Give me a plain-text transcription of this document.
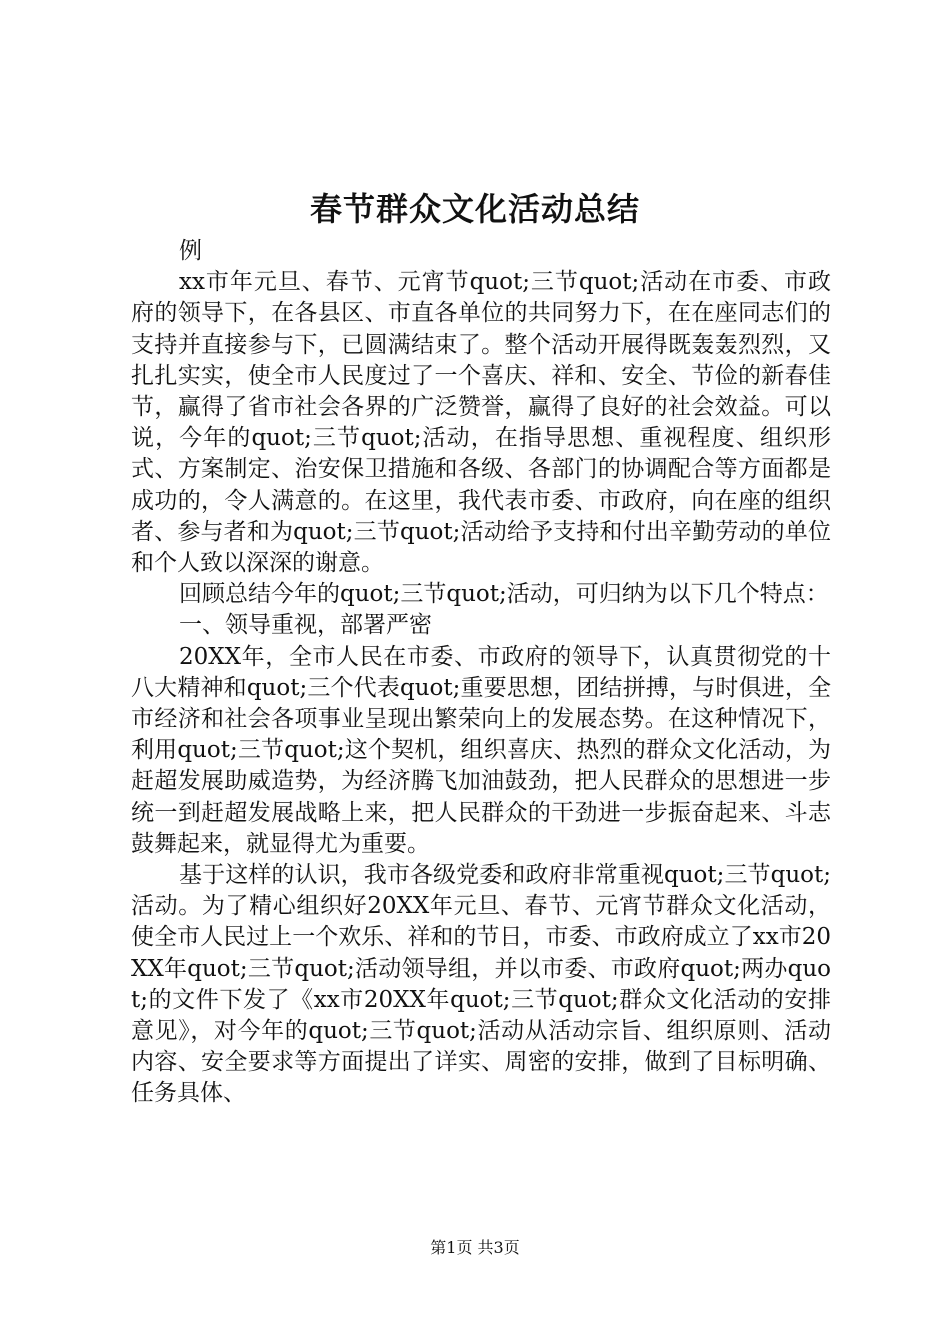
春节群众文化活动总结

例

xx市年元旦、春节、元宵节quot;三节quot;活动在市委、市政府的领导下，在各县区、市直各单位的共同努力下，在在座同志们的支持并直接参与下，已圆满结束了。整个活动开展得既轰轰烈烈，又扎扎实实，使全市人民度过了一个喜庆、祥和、安全、节俭的新春佳节，赢得了省市社会各界的广泛赞誉，赢得了良好的社会效益。可以说，今年的quot;三节quot;活动，在指导思想、重视程度、组织形式、方案制定、治安保卫措施和各级、各部门的协调配合等方面都是成功的，令人满意的。在这里，我代表市委、市政府，向在座的组织者、参与者和为quot;三节quot;活动给予支持和付出辛勤劳动的单位和个人致以深深的谢意。

回顾总结今年的quot;三节quot;活动，可归纳为以下几个特点：

一、领导重视，部署严密

20XX年，全市人民在市委、市政府的领导下，认真贯彻党的十八大精神和quot;三个代表quot;重要思想，团结拼搏，与时俱进，全市经济和社会各项事业呈现出繁荣向上的发展态势。在这种情况下，利用quot;三节quot;这个契机，组织喜庆、热烈的群众文化活动，为赶超发展助威造势，为经济腾飞加油鼓劲，把人民群众的思想进一步统一到赶超发展战略上来，把人民群众的干劲进一步振奋起来、斗志鼓舞起来，就显得尤为重要。

基于这样的认识，我市各级党委和政府非常重视quot;三节quot;活动。为了精心组织好20XX年元旦、春节、元宵节群众文化活动，使全市人民过上一个欢乐、祥和的节日，市委、市政府成立了xx市20XX年quot;三节quot;活动领导组，并以市委、市政府quot;两办quot;的文件下发了《xx市20XX年quot;三节quot;群众文化活动的安排意见》，对今年的quot;三节quot;活动从活动宗旨、组织原则、活动内容、安全要求等方面提出了详实、周密的安排，做到了目标明确、任务具体、

第1页 共3页
